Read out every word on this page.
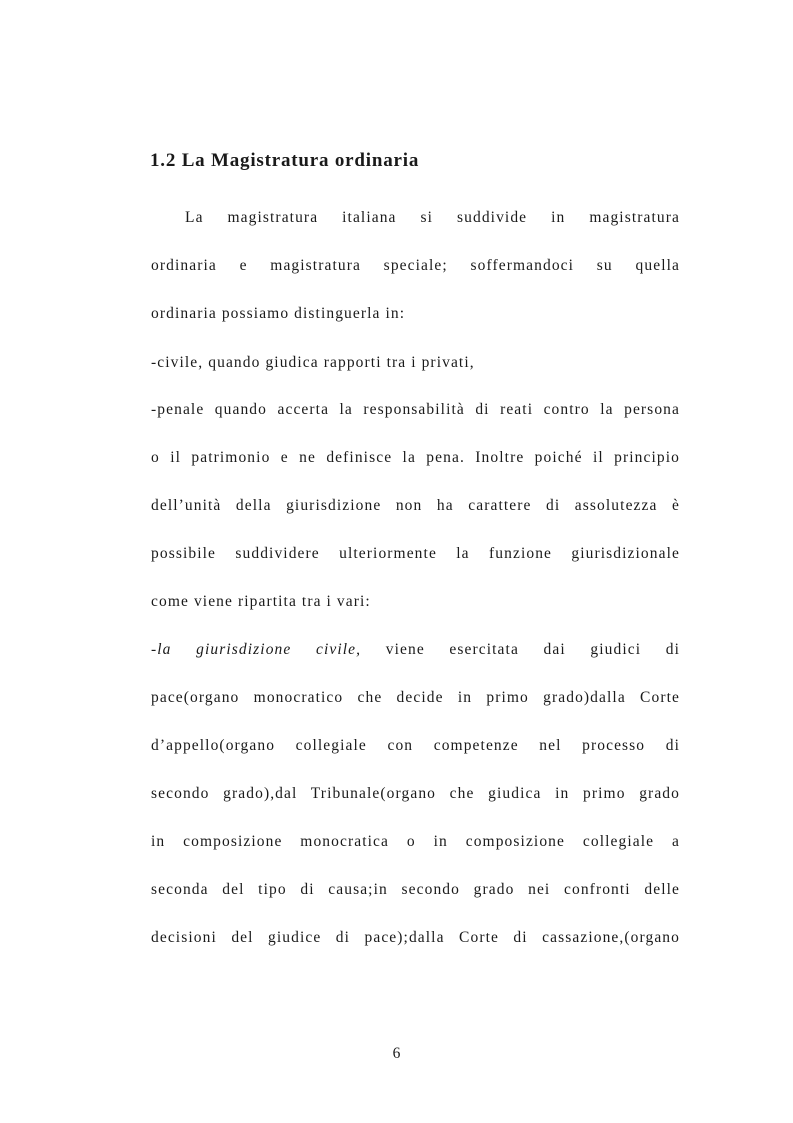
1.2 La Magistratura ordinaria

La magistratura italiana si suddivide in magistratura

ordinaria e magistratura speciale; soffermandoci su quella

ordinaria possiamo distinguerla in:

-civile, quando giudica rapporti tra i privati,

-penale quando accerta la responsabilità di reati contro la persona

o il patrimonio e ne definisce la pena. Inoltre poiché il principio

dell’unità della giurisdizione non ha carattere di assolutezza è

possibile suddividere ulteriormente la funzione giurisdizionale

come viene ripartita tra i vari:

-la giurisdizione civile, viene esercitata dai giudici di

pace(organo monocratico che decide in primo grado)dalla Corte

d’appello(organo collegiale con competenze nel processo di

secondo grado),dal Tribunale(organo che giudica in primo grado

in composizione monocratica o in composizione collegiale a

seconda del tipo di causa;in secondo grado nei confronti delle

decisioni del giudice di pace);dalla Corte di cassazione,(organo

6
